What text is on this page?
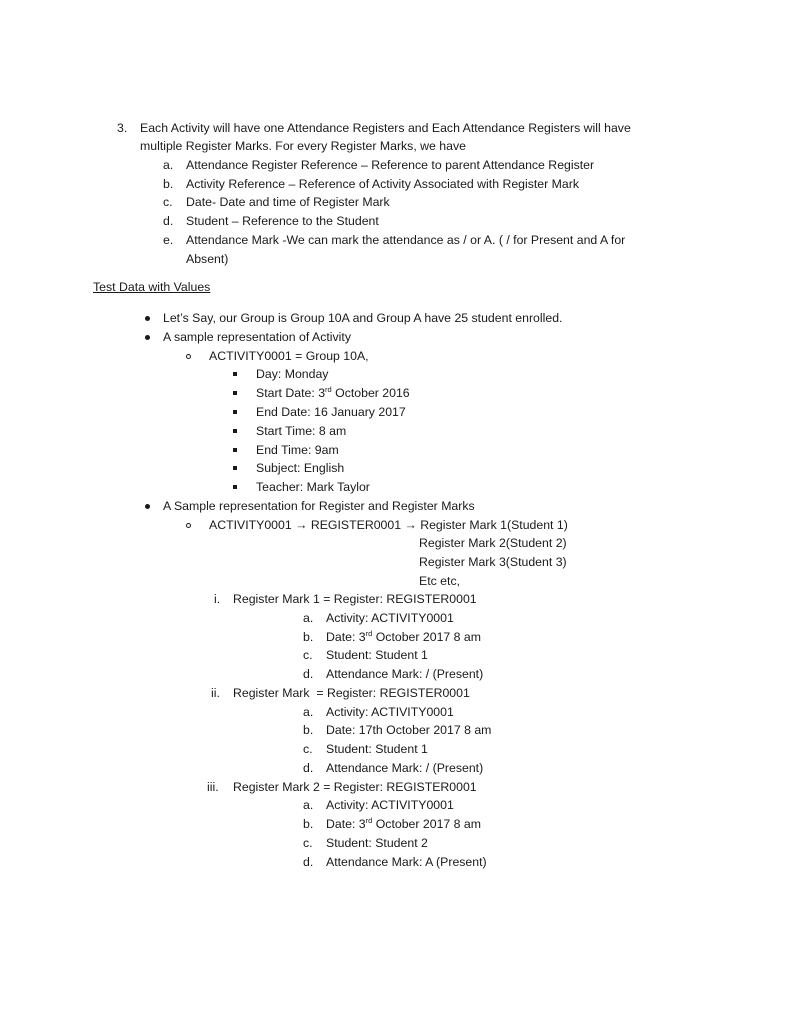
3. Each Activity will have one Attendance Registers and Each Attendance Registers will have
multiple Register Marks. For every Register Marks, we have
a. Attendance Register Reference – Reference to parent Attendance Register
b. Activity Reference – Reference of Activity Associated with Register Mark
c. Date- Date and time of Register Mark
d. Student – Reference to the Student
e. Attendance Mark -We can mark the attendance as / or A. ( / for Present and A for
Absent)
Test Data with Values
Let’s Say, our Group is Group 10A and Group A have 25 student enrolled.
A sample representation of Activity
ACTIVITY0001 = Group 10A,
Day: Monday
Start Date: 3rd October 2016
End Date: 16 January 2017
Start Time: 8 am
End Time: 9am
Subject: English
Teacher: Mark Taylor
A Sample representation for Register and Register Marks
ACTIVITY0001 → REGISTER0001 → Register Mark 1(Student 1)
Register Mark 2(Student 2)
Register Mark 3(Student 3)
Etc etc,
i. Register Mark 1 = Register: REGISTER0001
a. Activity: ACTIVITY0001
b. Date: 3rd October 2017 8 am
c. Student: Student 1
d. Attendance Mark: / (Present)
ii. Register Mark  = Register: REGISTER0001
a. Activity: ACTIVITY0001
b. Date: 17th October 2017 8 am
c. Student: Student 1
d. Attendance Mark: / (Present)
iii. Register Mark 2 = Register: REGISTER0001
a. Activity: ACTIVITY0001
b. Date: 3rd October 2017 8 am
c. Student: Student 2
d. Attendance Mark: A (Present)
